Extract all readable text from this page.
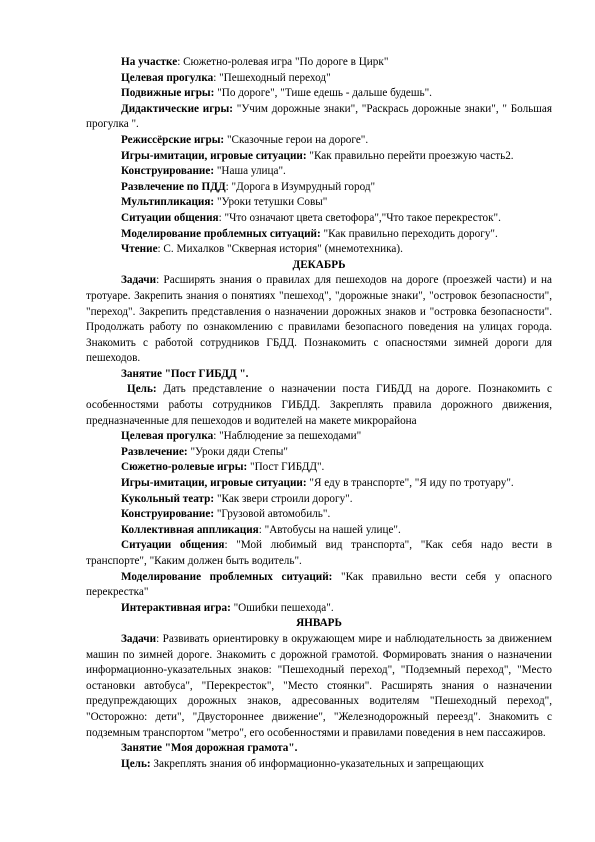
На участке: Сюжетно-ролевая игра "По дороге в Цирк"

Целевая прогулка: "Пешеходный переход"

Подвижные игры: "По дороге", "Тише едешь - дальше будешь".

Дидактические игры: "Учим дорожные знаки", "Раскрась дорожные знаки", " Большая прогулка ".

Режиссёрские игры: "Сказочные герои на дороге".

Игры-имитации, игровые ситуации: "Как правильно перейти проезжую часть2.

Конструирование: "Наша улица".

Развлечение по ПДД: "Дорога в Изумрудный город"

Мультипликация: "Уроки тетушки Совы"

Ситуации общения: "Что означают цвета светофора","Что такое перекресток".

Моделирование проблемных ситуаций: "Как правильно переходить дорогу".

Чтение: С. Михалков "Скверная история" (мнемотехника).

ДЕКАБРЬ

Задачи: Расширять знания о правилах для пешеходов на дороге (проезжей части) и на тротуаре. Закрепить знания о понятиях "пешеход", "дорожные знаки", "островок безопасности", "переход". Закрепить представления о назначении дорожных знаков и "островка безопасности". Продолжать работу по ознакомлению с правилами безопасного поведения на улицах города. Знакомить с работой сотрудников ГБДД. Познакомить с опасностями зимней дороги для пешеходов.

Занятие "Пост ГИБДД ".

Цель: Дать представление о назначении поста ГИБДД на дороге. Познакомить с особенностями работы сотрудников ГИБДД. Закреплять правила дорожного движения, предназначенные для пешеходов и водителей на макете микрорайона

Целевая прогулка: "Наблюдение за пешеходами"

Развлечение: "Уроки дяди Степы"

Сюжетно-ролевые игры: "Пост ГИБДД".

Игры-имитации, игровые ситуации: "Я еду в транспорте", "Я иду по тротуару".

Кукольный театр: "Как звери строили дорогу".

Конструирование: "Грузовой автомобиль".

Коллективная аппликация: "Автобусы на нашей улице".

Ситуации общения: "Мой любимый вид транспорта", "Как себя надо вести в транспорте", "Каким должен быть водитель".

Моделирование проблемных ситуаций: "Как правильно вести себя у опасного перекрестка"

Интерактивная игра: "Ошибки пешехода".

ЯНВАРЬ

Задачи: Развивать ориентировку в окружающем мире и наблюдательность за движением машин по зимней дороге. Знакомить с дорожной грамотой. Формировать знания о назначении информационно-указательных знаков: "Пешеходный переход", "Подземный переход", "Место остановки автобуса", "Перекресток", "Место стоянки". Расширять знания о назначении предупреждающих дорожных знаков, адресованных водителям "Пешеходный переход", "Осторожно: дети", "Двустороннее движение", "Железнодорожный переезд". Знакомить с подземным транспортом "метро", его особенностями и правилами поведения в нем пассажиров.

Занятие "Моя дорожная грамота".

Цель: Закреплять знания об информационно-указательных и запрещающих
